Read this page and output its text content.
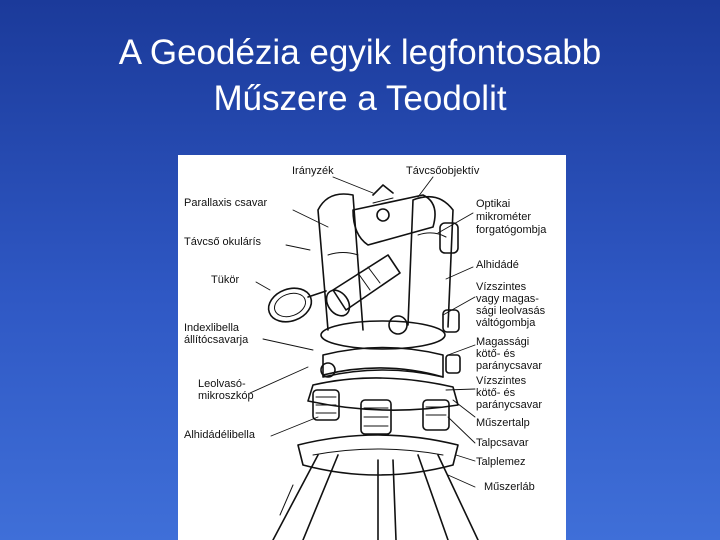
A Geodézia egyik legfontosabb
Műszere a Teodolit
Irányzék	Távcsőobjektív
Parallaxis csavar
Távcső okulárís
Tükör
Indexlibella
állítócsavarja
Leolvasó-
mikroszkóp
Alhidádélibella
Optikai
mikrométer
forgatógombja
Alhidádé
Vízszintes
vagy magas-
sági leolvasás
váltógombja
Magassági
kötő- és
paránycsavar
Vízszintes
kötő- és
paránycsavar
Műszertalp
Talpcsavar
Talplemez
Műszerláb
